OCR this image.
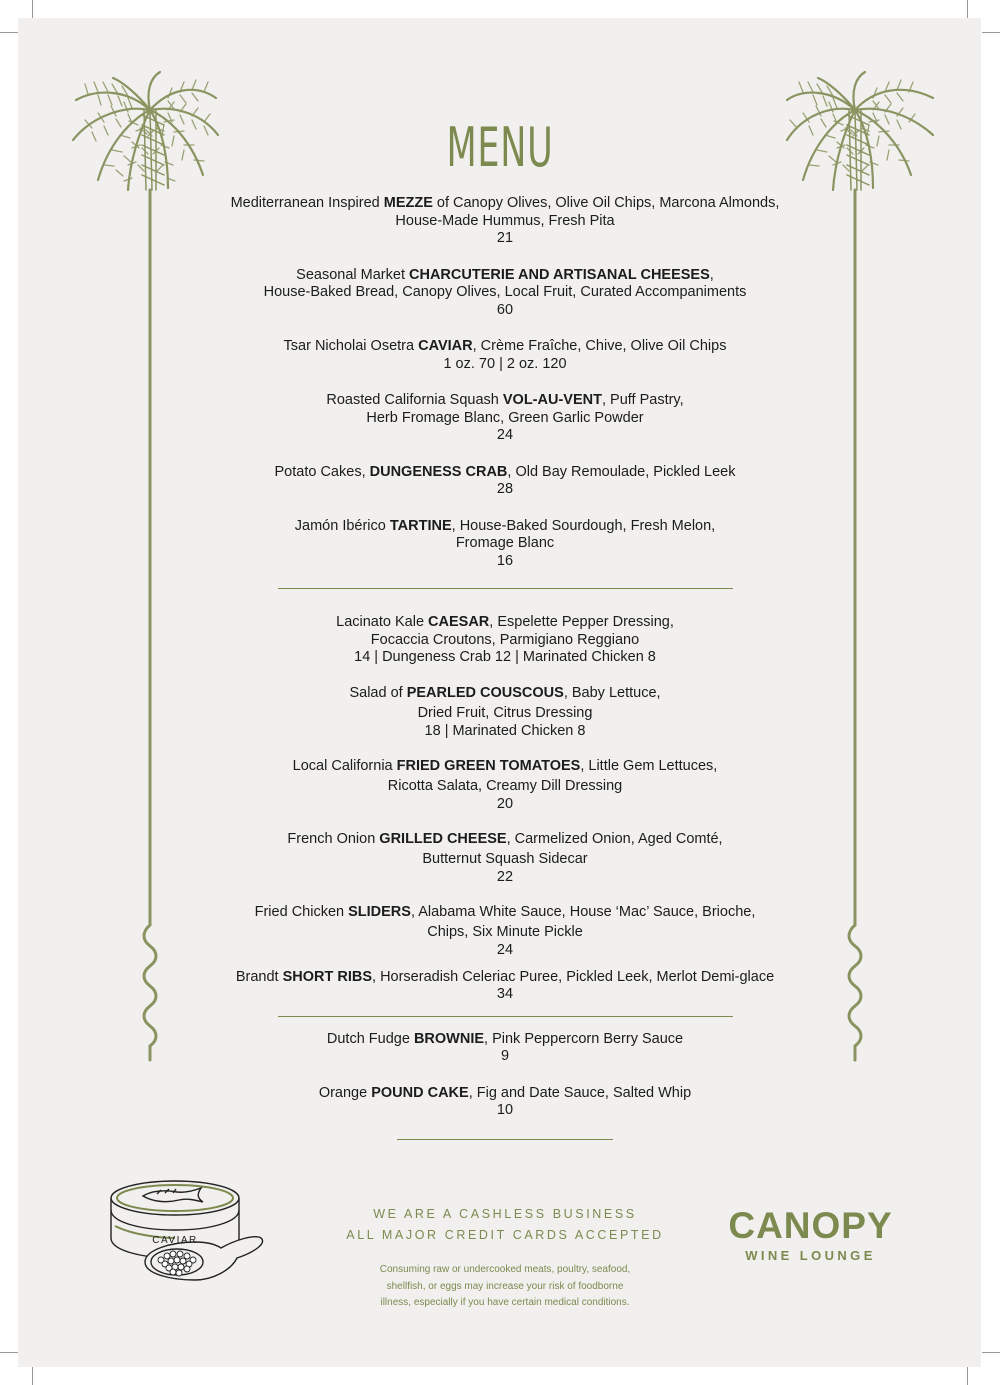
MENU
Mediterranean Inspired MEZZE of Canopy Olives, Olive Oil Chips, Marcona Almonds,
House-Made Hummus, Fresh Pita
21
Seasonal Market CHARCUTERIE AND ARTISANAL CHEESES,
House-Baked Bread, Canopy Olives, Local Fruit, Curated Accompaniments
60
Tsar Nicholai Osetra CAVIAR, Crème Fraîche, Chive, Olive Oil Chips
1 oz. 70 | 2 oz. 120
Roasted California Squash VOL-AU-VENT, Puff Pastry,
Herb Fromage Blanc, Green Garlic Powder
24
Potato Cakes, DUNGENESS CRAB, Old Bay Remoulade, Pickled Leek
28
Jamón Ibérico TARTINE, House-Baked Sourdough, Fresh Melon,
Fromage Blanc
16
Lacinato Kale CAESAR, Espelette Pepper Dressing,
Focaccia Croutons, Parmigiano Reggiano
14 | Dungeness Crab 12 | Marinated Chicken 8
Salad of PEARLED COUSCOUS, Baby Lettuce,
Dried Fruit, Citrus Dressing
18 | Marinated Chicken 8
Local California FRIED GREEN TOMATOES, Little Gem Lettuces,
Ricotta Salata, Creamy Dill Dressing
20
French Onion GRILLED CHEESE, Carmelized Onion, Aged Comté,
Butternut Squash Sidecar
22
Fried Chicken SLIDERS, Alabama White Sauce, House ‘Mac’ Sauce, Brioche,
Chips, Six Minute Pickle
24
Brandt SHORT RIBS, Horseradish Celeriac Puree, Pickled Leek, Merlot Demi-glace
34
Dutch Fudge BROWNIE, Pink Peppercorn Berry Sauce
9
Orange POUND CAKE, Fig and Date Sauce, Salted Whip
10
CAVIAR
WE ARE A CASHLESS BUSINESS
ALL MAJOR CREDIT CARDS ACCEPTED
Consuming raw or undercooked meats, poultry, seafood,
shellfish, or eggs may increase your risk of foodborne
illness, especially if you have certain medical conditions.
CANOPY
WINE LOUNGE
